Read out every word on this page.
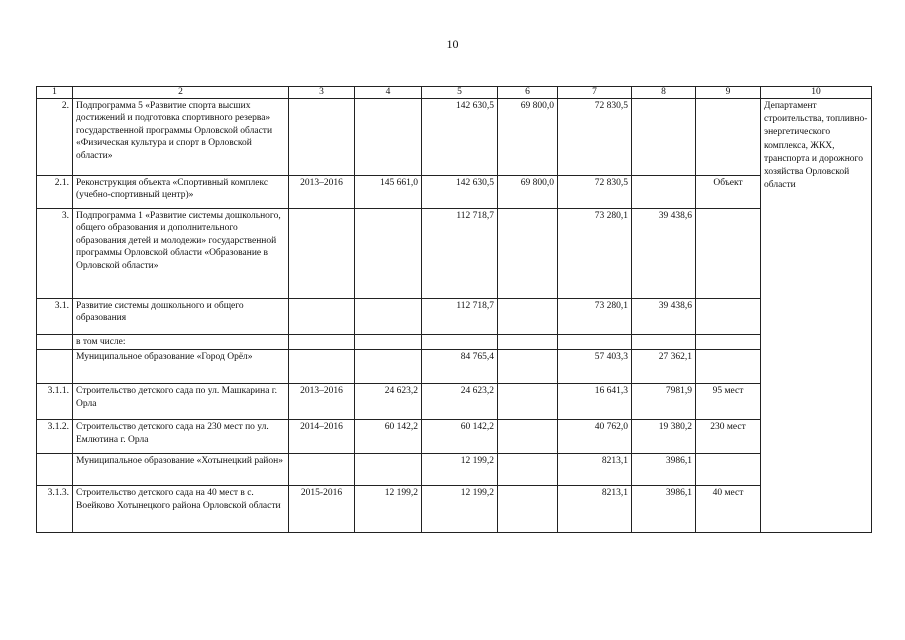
10
1	2	3	4	5	6	7	8	9	10
2.	Подпрограмма 5 «Развитие спорта высших достижений и подготовка спортивного резерва» государственной программы Орловской области «Физическая культура и спорт в Орловской области»			142 630,5	69 800,0	72 830,5			Департамент строительства, топливно-энергетического комплекса, ЖКХ, транспорта и дорожного хозяйства Орловской области
2.1.	Реконструкция объекта «Спортивный комплекс (учебно-спортивный центр)»	2013–2016	145 661,0	142 630,5	69 800,0	72 830,5		Объект	
3.	Подпрограмма 1 «Развитие системы дошкольного, общего образования и дополнительного образования детей и молодежи» государственной программы Орловской области «Образование в Орловской области»			112 718,7		73 280,1	39 438,6		
3.1.	Развитие системы дошкольного и общего образования			112 718,7		73 280,1	39 438,6		
	в том числе:								
	Муниципальное образование «Город Орёл»			84 765,4		57 403,3	27 362,1		
3.1.1.	Строительство детского сада по ул. Машкарина г. Орла	2013–2016	24 623,2	24 623,2		16 641,3	7981,9	95 мест	
3.1.2.	Строительство детского сада на 230 мест по ул. Емлютина г. Орла	2014–2016	60 142,2	60 142,2		40 762,0	19 380,2	230 мест	
	Муниципальное образование «Хотынецкий район»			12 199,2		8213,1	3986,1		
3.1.3.	Строительство детского сада на 40 мест в с. Воейково Хотынецкого района Орловской области	2015-2016	12 199,2	12 199,2		8213,1	3986,1	40 мест	
